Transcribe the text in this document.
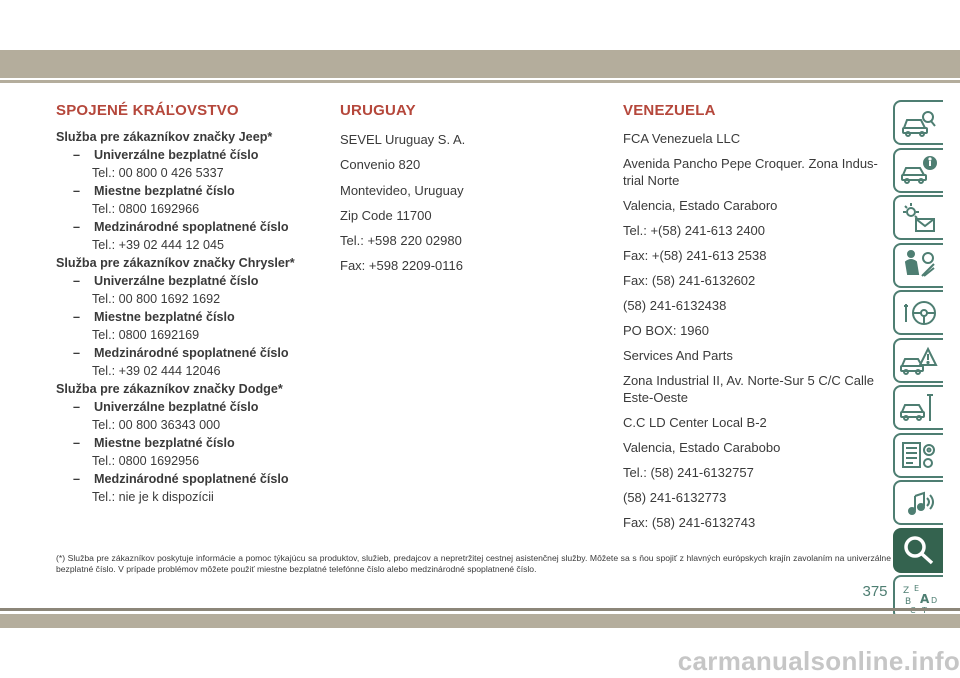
SPOJENÉ KRÁĽOVSTVO
Služba pre zákazníkov značky Jeep*
– Univerzálne bezplatné číslo
Tel.: 00 800 0 426 5337
– Miestne bezplatné číslo
Tel.: 0800 1692966
– Medzinárodné spoplatnené číslo
Tel.: +39 02 444 12 045
Služba pre zákazníkov značky Chrysler*
– Univerzálne bezplatné číslo
Tel.: 00 800 1692 1692
– Miestne bezplatné číslo
Tel.: 0800 1692169
– Medzinárodné spoplatnené číslo
Tel.: +39 02 444 12046
Služba pre zákazníkov značky Dodge*
– Univerzálne bezplatné číslo
Tel.: 00 800 36343 000
– Miestne bezplatné číslo
Tel.: 0800 1692956
– Medzinárodné spoplatnené číslo
Tel.: nie je k dispozícii
URUGUAY
SEVEL Uruguay S. A.
Convenio 820
Montevideo, Uruguay
Zip Code 11700
Tel.: +598 220 02980
Fax: +598 2209-0116
VENEZUELA
FCA Venezuela LLC
Avenida Pancho Pepe Croquer. Zona Indus-trial Norte
Valencia, Estado Caraboro
Tel.: +(58) 241-613 2400
Fax: +(58) 241-613 2538
Fax: (58) 241-6132602
(58) 241-6132438
PO BOX: 1960
Services And Parts
Zona Industrial II, Av. Norte-Sur 5 C/C Calle Este-Oeste
C.C LD Center Local B-2
Valencia, Estado Carabobo
Tel.: (58) 241-6132757
(58) 241-6132773
Fax: (58) 241-6132743
Z E
B A D
(*) Služba pre zákazníkov poskytuje informácie a pomoc týkajúcu sa produktov, služieb, predajcov a nepretržitej cestnej asistenčnej služby. Môžete sa s ňou spojiť z hlavných európskych krajín zavolaním na univerzálne bezplatné číslo. V prípade problémov môžete použiť miestne bezplatné telefónne číslo alebo medzinárodné spoplatnené číslo.
375
carmanualsonline.info
